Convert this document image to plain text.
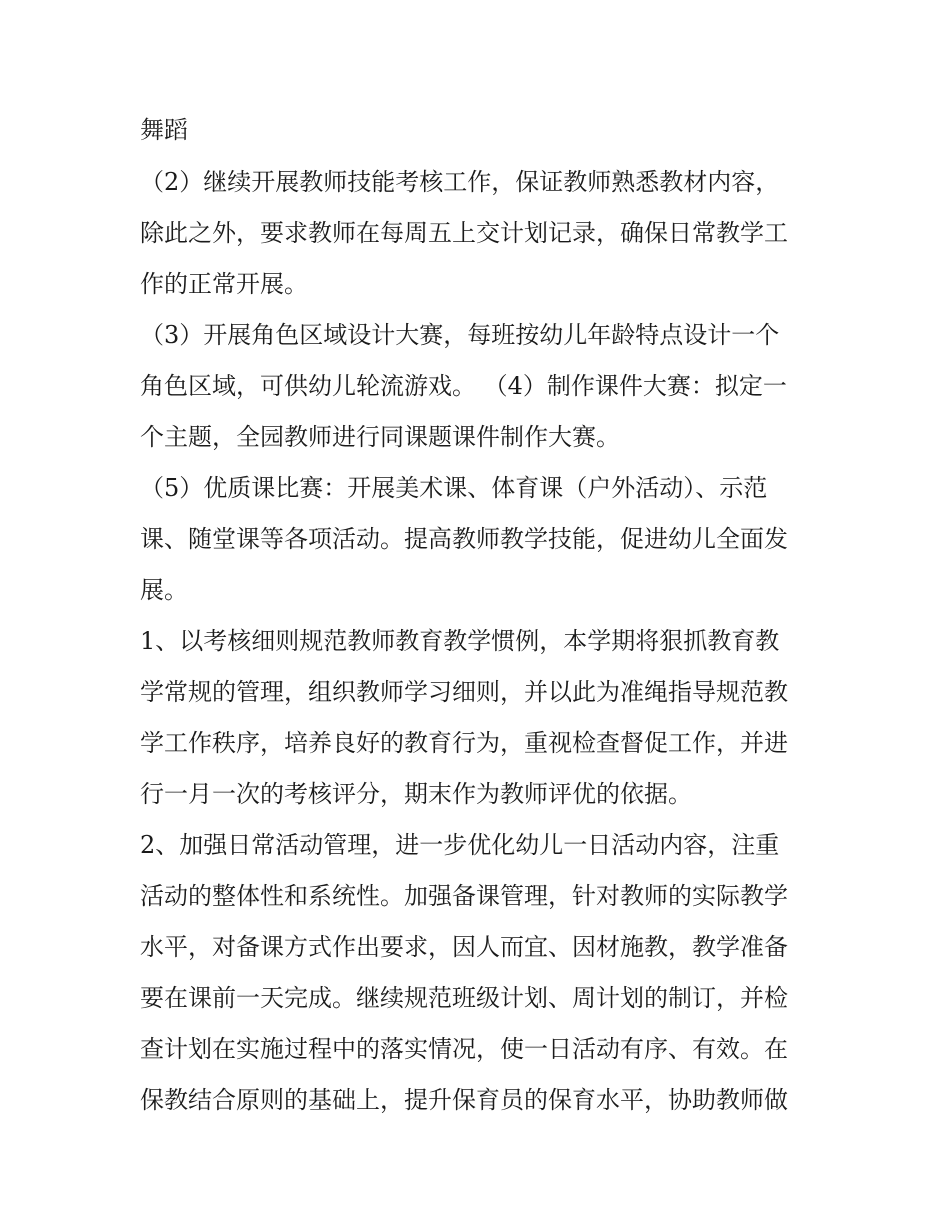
舞蹈
（2）继续开展教师技能考核工作，保证教师熟悉教材内容，
除此之外，要求教师在每周五上交计划记录，确保日常教学工
作的正常开展。
（3）开展角色区域设计大赛，每班按幼儿年龄特点设计一个
角色区域，可供幼儿轮流游戏。 （4）制作课件大赛：拟定一
个主题，全园教师进行同课题课件制作大赛。
（5）优质课比赛：开展美术课、体育课（户外活动）、示范
课、随堂课等各项活动。提高教师教学技能，促进幼儿全面发
展。
1、以考核细则规范教师教育教学惯例，本学期将狠抓教育教
学常规的管理，组织教师学习细则，并以此为准绳指导规范教
学工作秩序，培养良好的教育行为，重视检查督促工作，并进
行一月一次的考核评分，期末作为教师评优的依据。
2、加强日常活动管理，进一步优化幼儿一日活动内容，注重
活动的整体性和系统性。加强备课管理，针对教师的实际教学
水平，对备课方式作出要求，因人而宜、因材施教，教学准备
要在课前一天完成。继续规范班级计划、周计划的制订，并检
查计划在实施过程中的落实情况，使一日活动有序、有效。在
保教结合原则的基础上，提升保育员的保育水平，协助教师做
